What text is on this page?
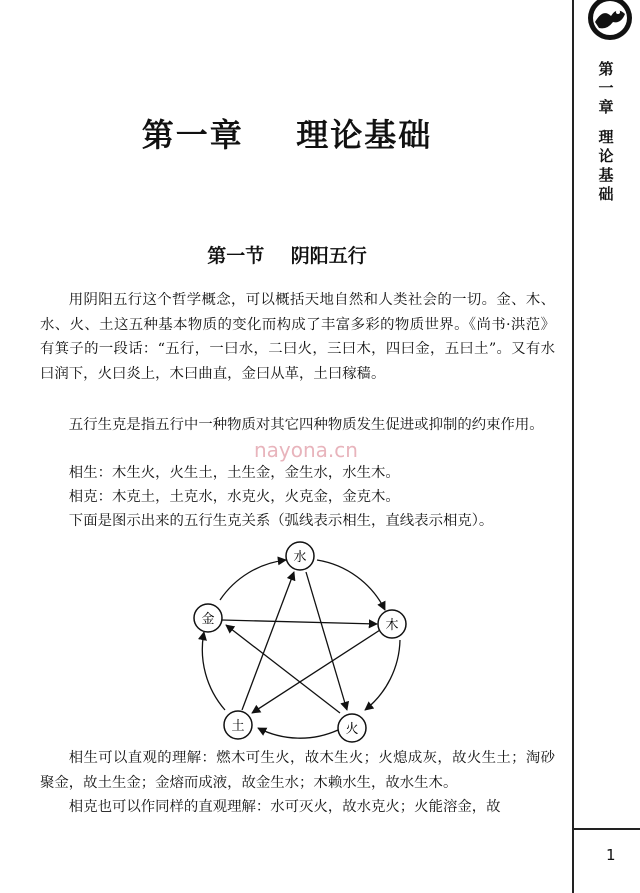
第一章
理论基础
第一章    理论基础
第一节    阴阳五行

用阴阳五行这个哲学概念，可以概括天地自然和人类社会的一切。金、木、水、火、土这五种基本物质的变化而构成了丰富多彩的物质世界。《尚书·洪范》有箕子的一段话：“五行，一曰水，二曰火，三曰木，四曰金，五曰土”。又有水曰润下，火曰炎上，木曰曲直，金曰从革，土曰稼穑。

五行生克是指五行中一种物质对其它四种物质发生促进或抑制的约束作用。

相生：木生火，火生土，土生金，金生水，水生木。

相克：木克土，土克水，水克火，火克金，金克木。

下面是图示出来的五行生克关系（弧线表示相生，直线表示相克）。

nayona.cn
水
木
火
土
金

相生可以直观的理解：燃木可生火，故木生火；火熄成灰，故火生土；淘砂聚金，故土生金；金熔而成液，故金生水；木赖水生，故水生木。

相克也可以作同样的直观理解：水可灭火，故水克火；火能溶金，故

1
